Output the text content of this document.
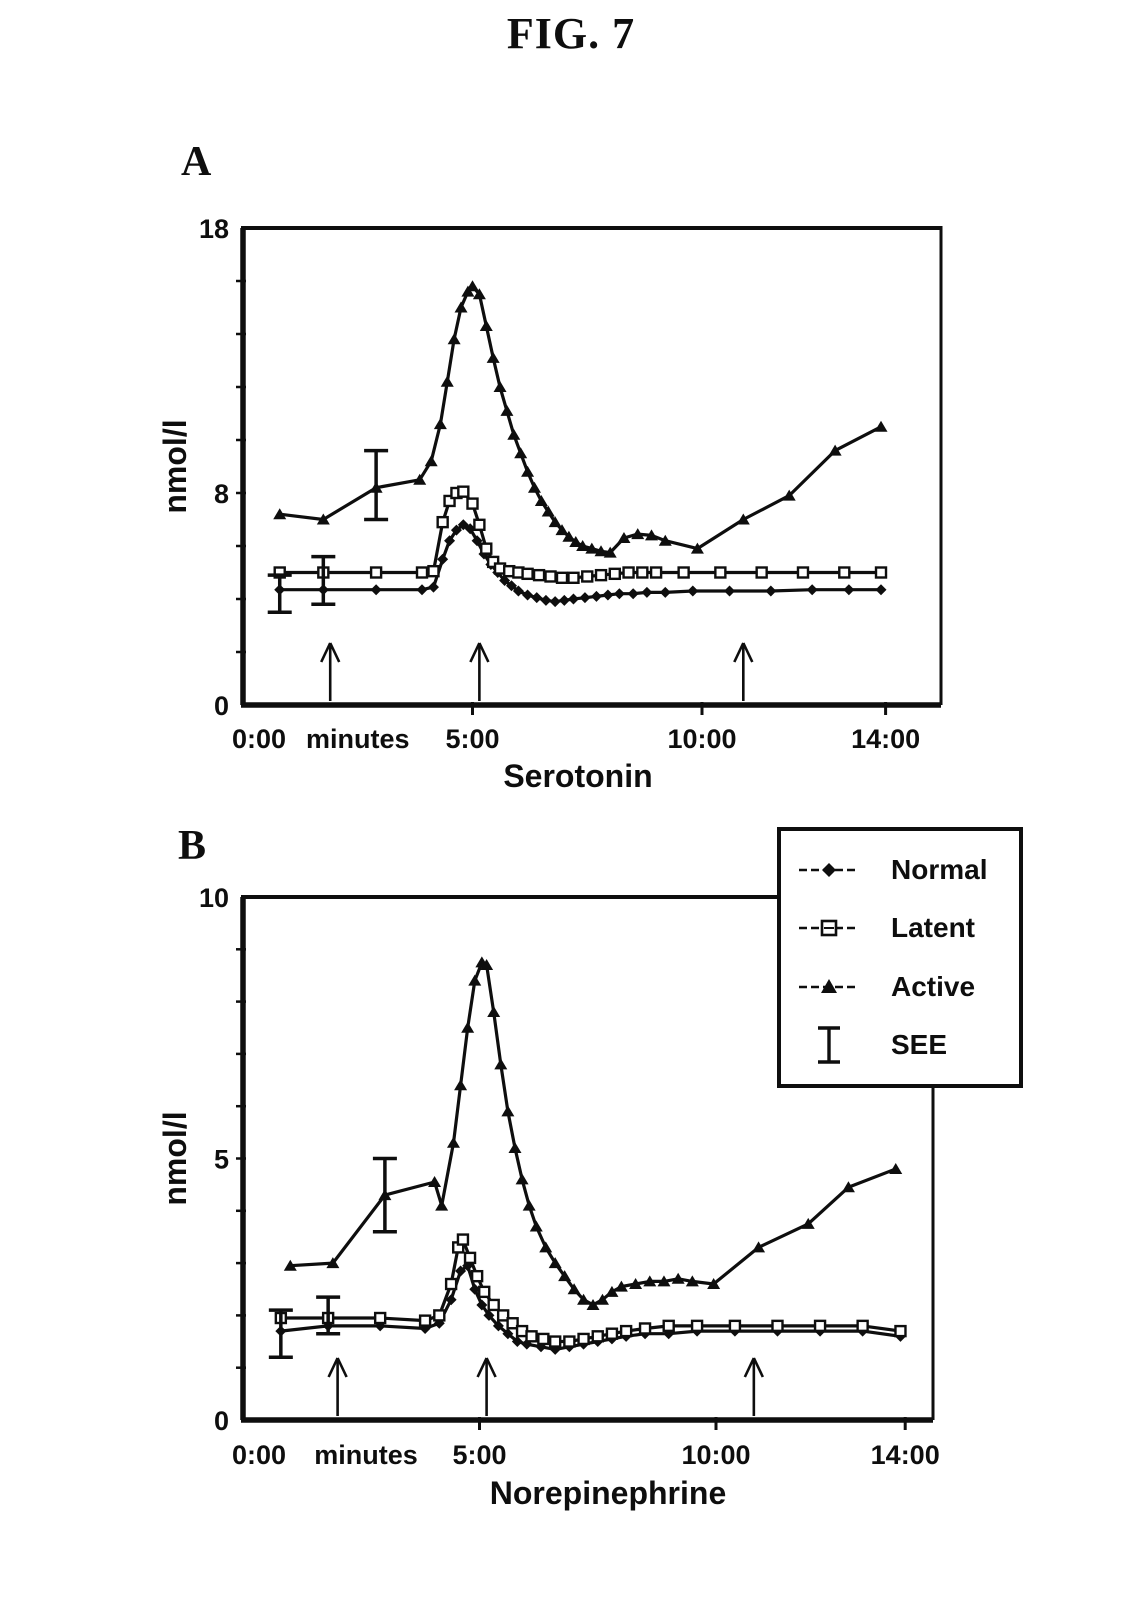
FIG. 7
A
B
18
8
0
0:00	5:00	10:00	14:00
minutes
Serotonin
nmol/l
10
5
0
0:00	5:00	10:00	14:00
minutes
Norepinephrine
nmol/l
Normal
Latent
Active
SEE
